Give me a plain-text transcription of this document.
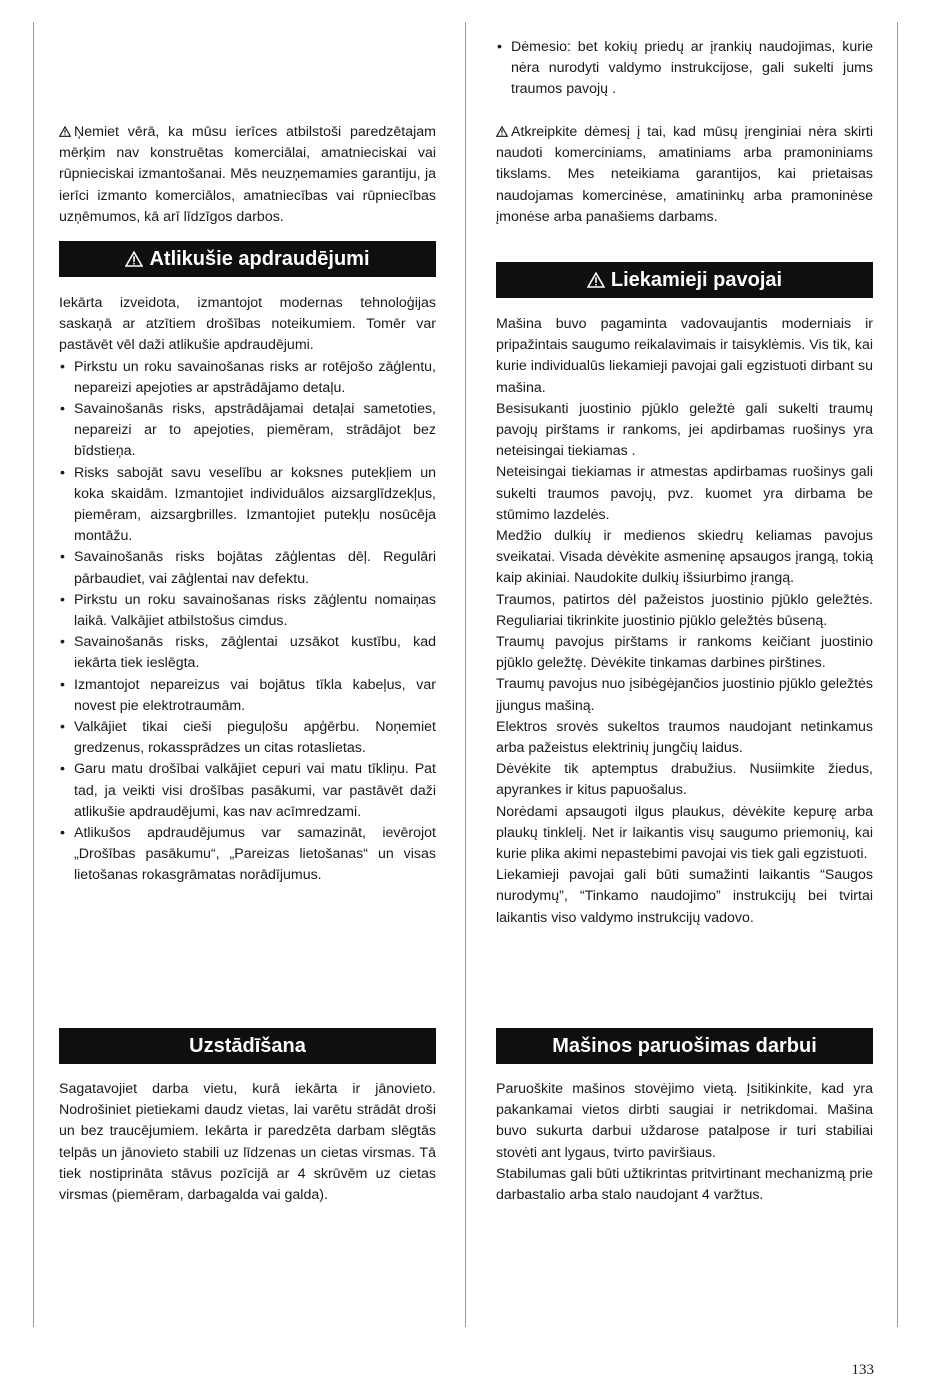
Ņemiet vērā, ka mūsu ierīces atbilstoši paredzētajam mērķim nav konstruētas komerciālai, amatnieciskai vai rūpnieciskai izmantošanai. Mēs neuzņemamies garantiju, ja ierīci izmanto komerciālos, amatniecības vai rūpniecības uzņēmumos, kā arī līdzīgos darbos.

Atlikušie apdraudējumi

Iekārta izveidota, izmantojot modernas tehnoloģijas saskaņā ar atzītiem drošības noteikumiem. Tomēr var pastāvēt vēl daži atlikušie apdraudējumi.

• Pirkstu un roku savainošanas risks ar rotējošo zāģlentu, nepareizi apejoties ar apstrādājamo detaļu.
• Savainošanās risks, apstrādājamai detaļai sametoties, nepareizi ar to apejoties, piemēram, strādājot bez bīdstieņa.
• Risks sabojāt savu veselību ar koksnes putekļiem un koka skaidām. Izmantojiet individuālos aizsarglīdzekļus, piemēram, aizsargbrilles. Izmantojiet putekļu nosūcēja montāžu.
• Savainošanās risks bojātas zāģlentas dēļ. Regulāri pārbaudiet, vai zāģlentai nav defektu.
• Pirkstu un roku savainošanas risks zāģlentu nomaiņas laikā. Valkājiet atbilstošus cimdus.
• Savainošanās risks, zāģlentai uzsākot kustību, kad iekārta tiek ieslēgta.
• Izmantojot nepareizus vai bojātus tīkla kabeļus, var novest pie elektrotraumām.
• Valkājiet tikai cieši pieguļošu apģērbu. Noņemiet gredzenus, rokassprādzes un citas rotaslietas.
• Garu matu drošībai valkājiet cepuri vai matu tīkliņu. Pat tad, ja veikti visi drošības pasākumi, var pastāvēt daži atlikušie apdraudējumi, kas nav acīmredzami.
• Atlikušos apdraudējumus var samazināt, ievērojot „Drošības pasākumu“, „Pareizas lietošanas“ un visas lietošanas rokasgrāmatas norādījumus.
Uzstādīšana

Sagatavojiet darba vietu, kurā iekārta ir jānovieto. Nodrošiniet pietiekami daudz vietas, lai varētu strādāt droši un bez traucējumiem. Iekārta ir paredzēta darbam slēgtās telpās un jānovieto stabili uz līdzenas un cietas virsmas. Tā tiek nostiprināta stāvus pozīcijā ar 4 skrūvēm uz cietas virsmas (piemēram, darbagalda vai galda).

• Dėmesio: bet kokių priedų ar įrankių naudojimas, kurie nėra nurodyti valdymo instrukcijose, gali sukelti jums traumos pavojų .

Atkreipkite dėmesį į tai, kad mūsų įrenginiai nėra skirti naudoti komerciniams, amatiniams arba pramoniniams tikslams. Mes neteikiama garantijos, kai prietaisas naudojamas komercinėse, amatininkų arba pramoninėse įmonėse arba panašiems darbams.

Liekamieji pavojai

Mašina buvo pagaminta vadovaujantis moderniais ir pripažintais saugumo reikalavimais ir taisyklėmis. Vis tik, kai kurie individualūs liekamieji pavojai gali egzistuoti dirbant su mašina.

Besisukanti juostinio pjūklo geležtė gali sukelti traumų pavojų pirštams ir rankoms, jei apdirbamas ruošinys yra neteisingai tiekiamas .

Neteisingai tiekiamas ir atmestas apdirbamas ruošinys gali sukelti traumos pavojų, pvz. kuomet yra dirbama be stūmimo lazdelės.

Medžio dulkių ir medienos skiedrų keliamas pavojus sveikatai. Visada dėvėkite asmeninę apsaugos įrangą, tokią kaip akiniai. Naudokite dulkių išsiurbimo įrangą.

Traumos, patirtos dėl pažeistos juostinio pjūklo geležtės. Reguliariai tikrinkite juostinio pjūklo geležtės būseną.

Traumų pavojus pirštams ir rankoms keičiant juostinio pjūklo geležtę. Dėvėkite tinkamas darbines pirštines.

Traumų pavojus nuo įsibėgėjančios juostinio pjūklo geležtės įjungus mašiną.

Elektros srovės sukeltos traumos naudojant netinkamus arba pažeistus elektrinių jungčių laidus.

Dėvėkite tik aptemptus drabužius. Nusiimkite žiedus, apyrankes ir kitus papuošalus.

Norėdami apsaugoti ilgus plaukus, dėvėkite kepurę arba plaukų tinklelį. Net ir laikantis visų saugumo priemonių, kai kurie plika akimi nepastebimi pavojai vis tiek gali egzistuoti.

Liekamieji pavojai gali būti sumažinti laikantis “Saugos nurodymų”, “Tinkamo naudojimo” instrukcijų bei tvirtai laikantis viso valdymo instrukcijų vadovo.

Mašinos paruošimas darbui

Paruoškite mašinos stovėjimo vietą. Įsitikinkite, kad yra pakankamai vietos dirbti saugiai ir netrikdomai. Mašina buvo sukurta darbui uždarose patalpose ir turi stabiliai stovėti ant lygaus, tvirto paviršiaus.

Stabilumas gali būti užtikrintas pritvirtinant mechanizmą prie darbastalio arba stalo naudojant 4 varžtus.

133
